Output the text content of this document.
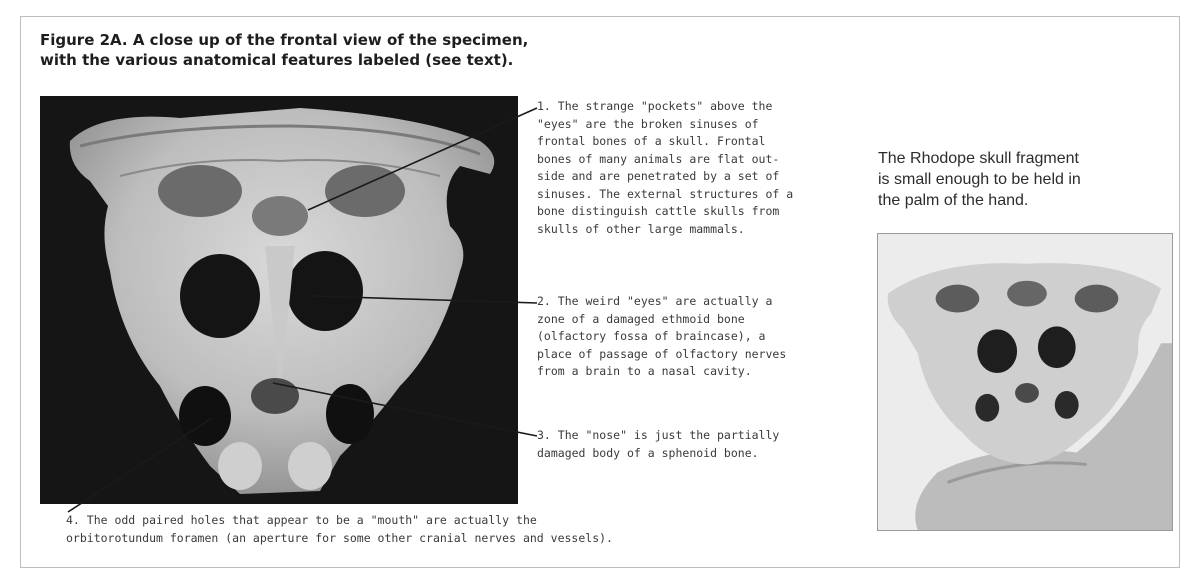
Figure 2A. A close up of the frontal view of the specimen,
with the various anatomical features labeled (see text).
1. The strange "pockets" above the
"eyes" are the broken sinuses of
frontal bones of a skull. Frontal
bones of many animals are flat out-
side and are penetrated by a set of
sinuses. The external structures of a
bone distinguish cattle skulls from
skulls of other large mammals.
2. The weird "eyes" are actually a
zone of a damaged ethmoid bone
(olfactory fossa of braincase), a
place of passage of olfactory nerves
from a brain to a nasal cavity.
3. The "nose" is just the partially
damaged body of a sphenoid bone.
4. The odd paired holes that appear to be a "mouth" are actually the
orbitorotundum foramen (an aperture for some other cranial nerves and vessels).
The Rhodope skull fragment
is small enough to be held in
the palm of the hand.
